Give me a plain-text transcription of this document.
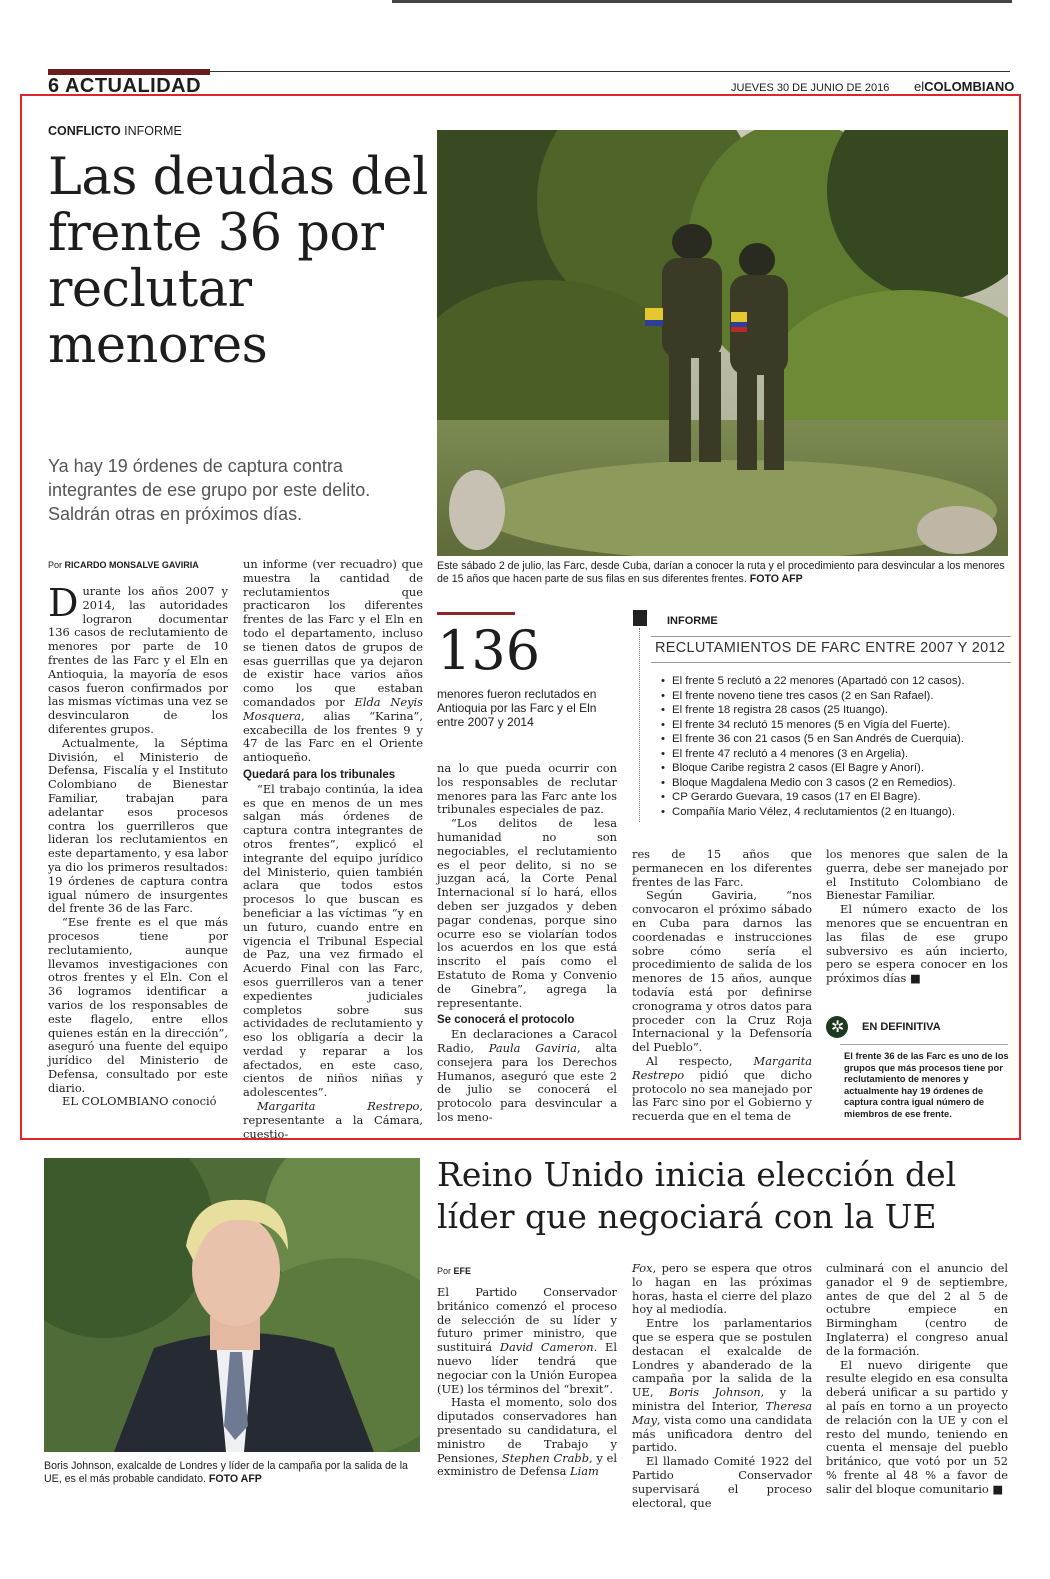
6 ACTUALIDAD	JUEVES 30 DE JUNIO DE 2016 elCOLOMBIANO
CONFLICTO INFORME
Las deudas del frente 36 por reclutar menores
Ya hay 19 órdenes de captura contra integrantes de ese grupo por este delito. Saldrán otras en próximos días.
Por RICARDO MONSALVE GAVIRIA	Este sábado 2 de julio, las Farc, desde Cuba, darían a conocer la ruta y el procedimiento para desvincular a los menores de 15 años que hacen parte de sus filas en sus diferentes frentes. FOTO AFP

Durante los años 2007 y 2014, las autoridades lograron documentar 136 casos de reclutamiento de menores por parte de 10 frentes de las Farc y el Eln en Antioquia, la mayoría de esos casos fueron confirmados por las mismas víctimas una vez se desvincularon de los diferentes grupos.

Actualmente, la Séptima División, el Ministerio de Defensa, Fiscalía y el Instituto Colombiano de Bienestar Familiar, trabajan para adelantar esos procesos contra los guerrilleros que lideran los reclutamientos en este departamento, y esa labor ya dio los primeros resultados: 19 órdenes de captura contra igual número de insurgentes del frente 36 de las Farc.

“Ese frente es el que más procesos tiene por reclutamiento, aunque llevamos investigaciones con otros frentes y el Eln. Con el 36 logramos identificar a varios de los responsables de este flagelo, entre ellos quienes están en la dirección”, aseguró una fuente del equipo jurídico del Ministerio de Defensa, consultado por este diario.

EL COLOMBIANO conoció

un informe (ver recuadro) que muestra la cantidad de reclutamientos que practicaron los diferentes frentes de las Farc y el Eln en todo el departamento, incluso se tienen datos de grupos de esas guerrillas que ya dejaron de existir hace varios años como los que estaban comandados por Elda Neyis Mosquera, alias “Karina”, excabecilla de los frentes 9 y 47 de las Farc en el Oriente antioqueño.

Quedará para los tribunales

“El trabajo continúa, la idea es que en menos de un mes salgan más órdenes de captura contra integrantes de otros frentes”, explicó el integrante del equipo jurídico del Ministerio, quien también aclara que todos estos procesos lo que buscan es beneficiar a las víctimas “y en un futuro, cuando entre en vigencia el Tribunal Especial de Paz, una vez firmado el Acuerdo Final con las Farc, esos guerrilleros van a tener expedientes judiciales completos sobre sus actividades de reclutamiento y eso los obligaría a decir la verdad y reparar a los afectados, en este caso, cientos de niños niñas y adolescentes”.

Margarita Restrepo, representante a la Cámara, cuestio-

136
menores fueron reclutados en Antioquia por las Farc y el Eln entre 2007 y 2014

na lo que pueda ocurrir con los responsables de reclutar menores para las Farc ante los tribunales especiales de paz.

“Los delitos de lesa humanidad no son negociables, el reclutamiento es el peor delito, si no se juzgan acá, la Corte Penal Internacional sí lo hará, ellos deben ser juzgados y deben pagar condenas, porque sino ocurre eso se violarían todos los acuerdos en los que está inscrito el país como el Estatuto de Roma y Convenio de Ginebra”, agrega la representante.

Se conocerá el protocolo

En declaraciones a Caracol Radio, Paula Gaviria, alta consejera para los Derechos Humanos, aseguró que este 2 de julio se conocerá el protocolo para desvincular a los meno-

INFORME
RECLUTAMIENTOS DE FARC ENTRE 2007 Y 2012
• El frente 5 reclutó a 22 menores (Apartadó con 12 casos).
• El frente noveno tiene tres casos (2 en San Rafael).
• El frente 18 registra 28 casos (25 Ituango).
• El frente 34 reclutó 15 menores (5 en Vigía del Fuerte).
• El frente 36 con 21 casos (5 en San Andrés de Cuerquia).
• El frente 47 reclutó a 4 menores (3 en Argelia).
• Bloque Caribe registra 2 casos (El Bagre y Anorí).
• Bloque Magdalena Medio con 3 casos (2 en Remedios).
• CP Gerardo Guevara, 19 casos (17 en El Bagre).
• Compañía Mario Vélez, 4 reclutamientos (2 en Ituango).

res de 15 años que permanecen en los diferentes frentes de las Farc.

Según Gaviria, “nos convocaron el próximo sábado en Cuba para darnos las coordenadas e instrucciones sobre cómo sería el procedimiento de salida de los menores de 15 años, aunque todavía está por definirse cronograma y otros datos para proceder con la Cruz Roja Internacional y la Defensoría del Pueblo”.

Al respecto, Margarita Restrepo pidió que dicho protocolo no sea manejado por las Farc sino por el Gobierno y recuerda que en el tema de

los menores que salen de la guerra, debe ser manejado por el Instituto Colombiano de Bienestar Familiar.

El número exacto de los menores que se encuentran en las filas de ese grupo subversivo es aún incierto, pero se espera conocer en los próximos días ■

✲ EN DEFINITIVA
El frente 36 de las Farc es uno de los grupos que más procesos tiene por reclutamiento de menores y actualmente hay 19 órdenes de captura contra igual número de miembros de ese frente.
Boris Johnson, exalcalde de Londres y líder de la campaña por la salida de la UE, es el más probable candidato. FOTO AFP
Reino Unido inicia elección del líder que negociará con la UE
Por EFE

El Partido Conservador británico comenzó el proceso de selección de su líder y futuro primer ministro, que sustituirá David Cameron. El nuevo líder tendrá que negociar con la Unión Europea (UE) los términos del “brexit”.

Hasta el momento, solo dos diputados conservadores han presentado su candidatura, el ministro de Trabajo y Pensiones, Stephen Crabb, y el exministro de Defensa Liam

Fox, pero se espera que otros lo hagan en las próximas horas, hasta el cierre del plazo hoy al mediodía.

Entre los parlamentarios que se espera que se postulen destacan el exalcalde de Londres y abanderado de la campaña por la salida de la UE, Boris Johnson, y la ministra del Interior, Theresa May, vista como una candidata más unificadora dentro del partido.

El llamado Comité 1922 del Partido Conservador supervisará el proceso electoral, que

culminará con el anuncio del ganador el 9 de septiembre, antes de que del 2 al 5 de octubre empiece en Birmingham (centro de Inglaterra) el congreso anual de la formación.

El nuevo dirigente que resulte elegido en esa consulta deberá unificar a su partido y al país en torno a un proyecto de relación con la UE y con el resto del mundo, teniendo en cuenta el mensaje del pueblo británico, que votó por un 52 % frente al 48 % a favor de salir del bloque comunitario ■
